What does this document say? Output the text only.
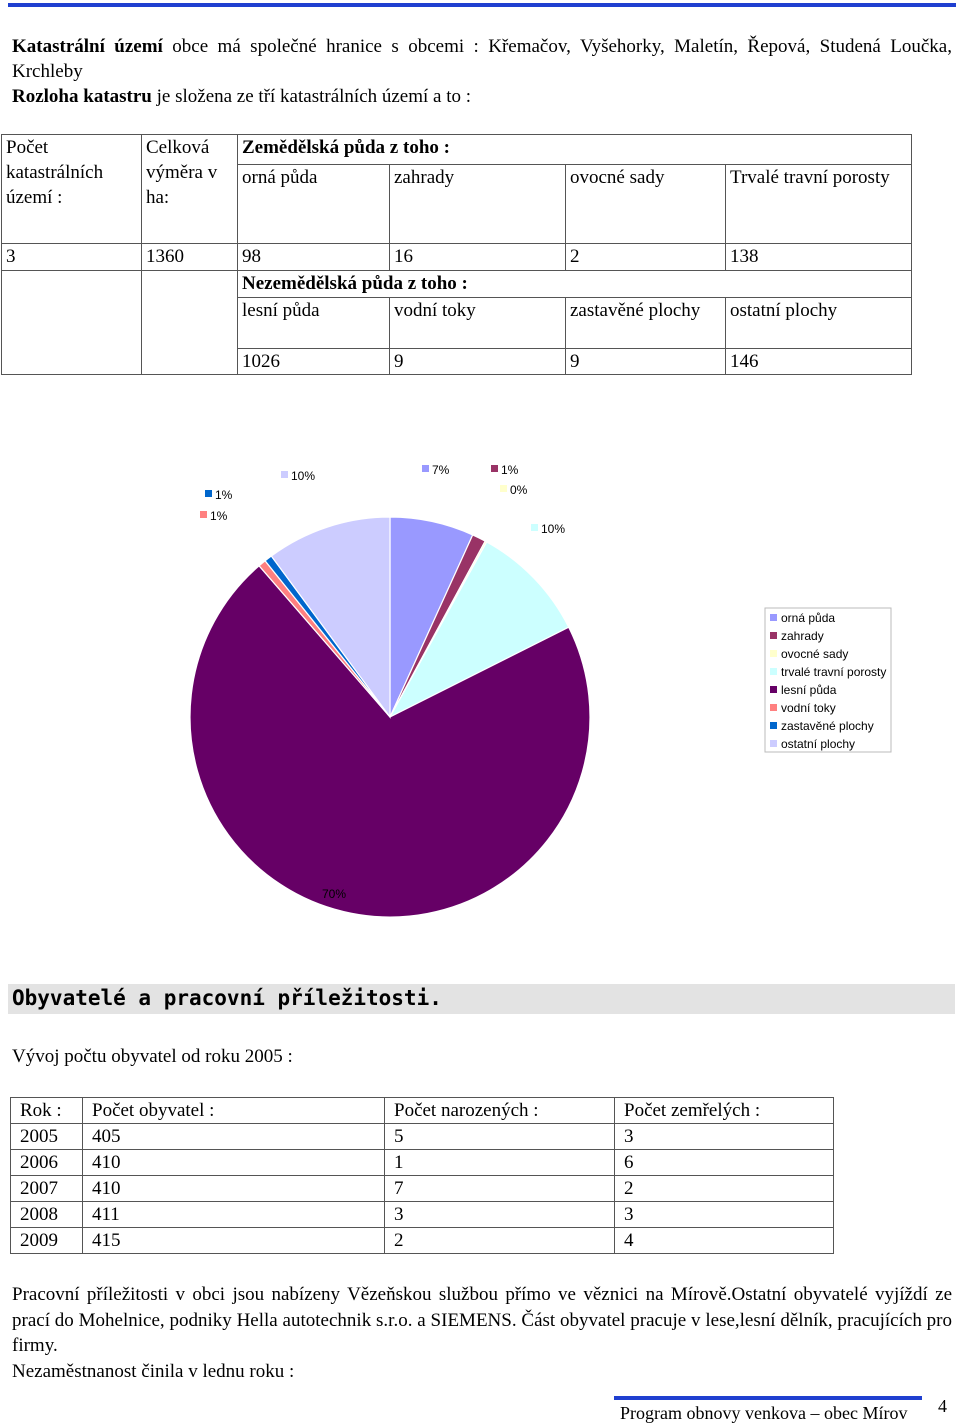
Katastrální území obce má společné hranice s obcemi : Křemačov, Vyšehorky, Maletín, Řepová, Studená Loučka, Krchleby

Rozloha katastru je složena ze tří katastrálních území a to :

Počet katastrálních území :	Celková výměra v ha:	Zemědělská půda z toho :			
		orná půda	zahrady	ovocné sady	Trvalé travní porosty
3	1360	98	16	2	138
		Nezemědělská půda z toho :			
		lesní půda	vodní toky	zastavěné plochy	ostatní plochy
		1026	9	9	146
7%	1%
0%
10%
70%
1%
1%
10%
orná půda
zahrady
ovocné sady
trvalé travní porosty
lesní půda
vodní toky
zastavěné plochy
ostatní plochy
Obyvatelé a pracovní příležitosti.
Vývoj počtu obyvatel od roku 2005 :
Rok :	Počet obyvatel :	Počet narozených :	Počet zemřelých :
2005	405	5	3
2006	410	1	6
2007	410	7	2
2008	411	3	3
2009	415	2	4

Pracovní příležitosti v obci jsou nabízeny Vězeňskou službou přímo ve věznici na Mírově.Ostatní obyvatelé vyjíždí ze prací do Mohelnice, podniky Hella autotechnik s.r.o. a SIEMENS. Část obyvatel pracuje v lese,lesní dělník, pracujících pro firmy.

Nezaměstnanost činila v lednu roku :

Program obnovy venkova – obec Mírov 4
